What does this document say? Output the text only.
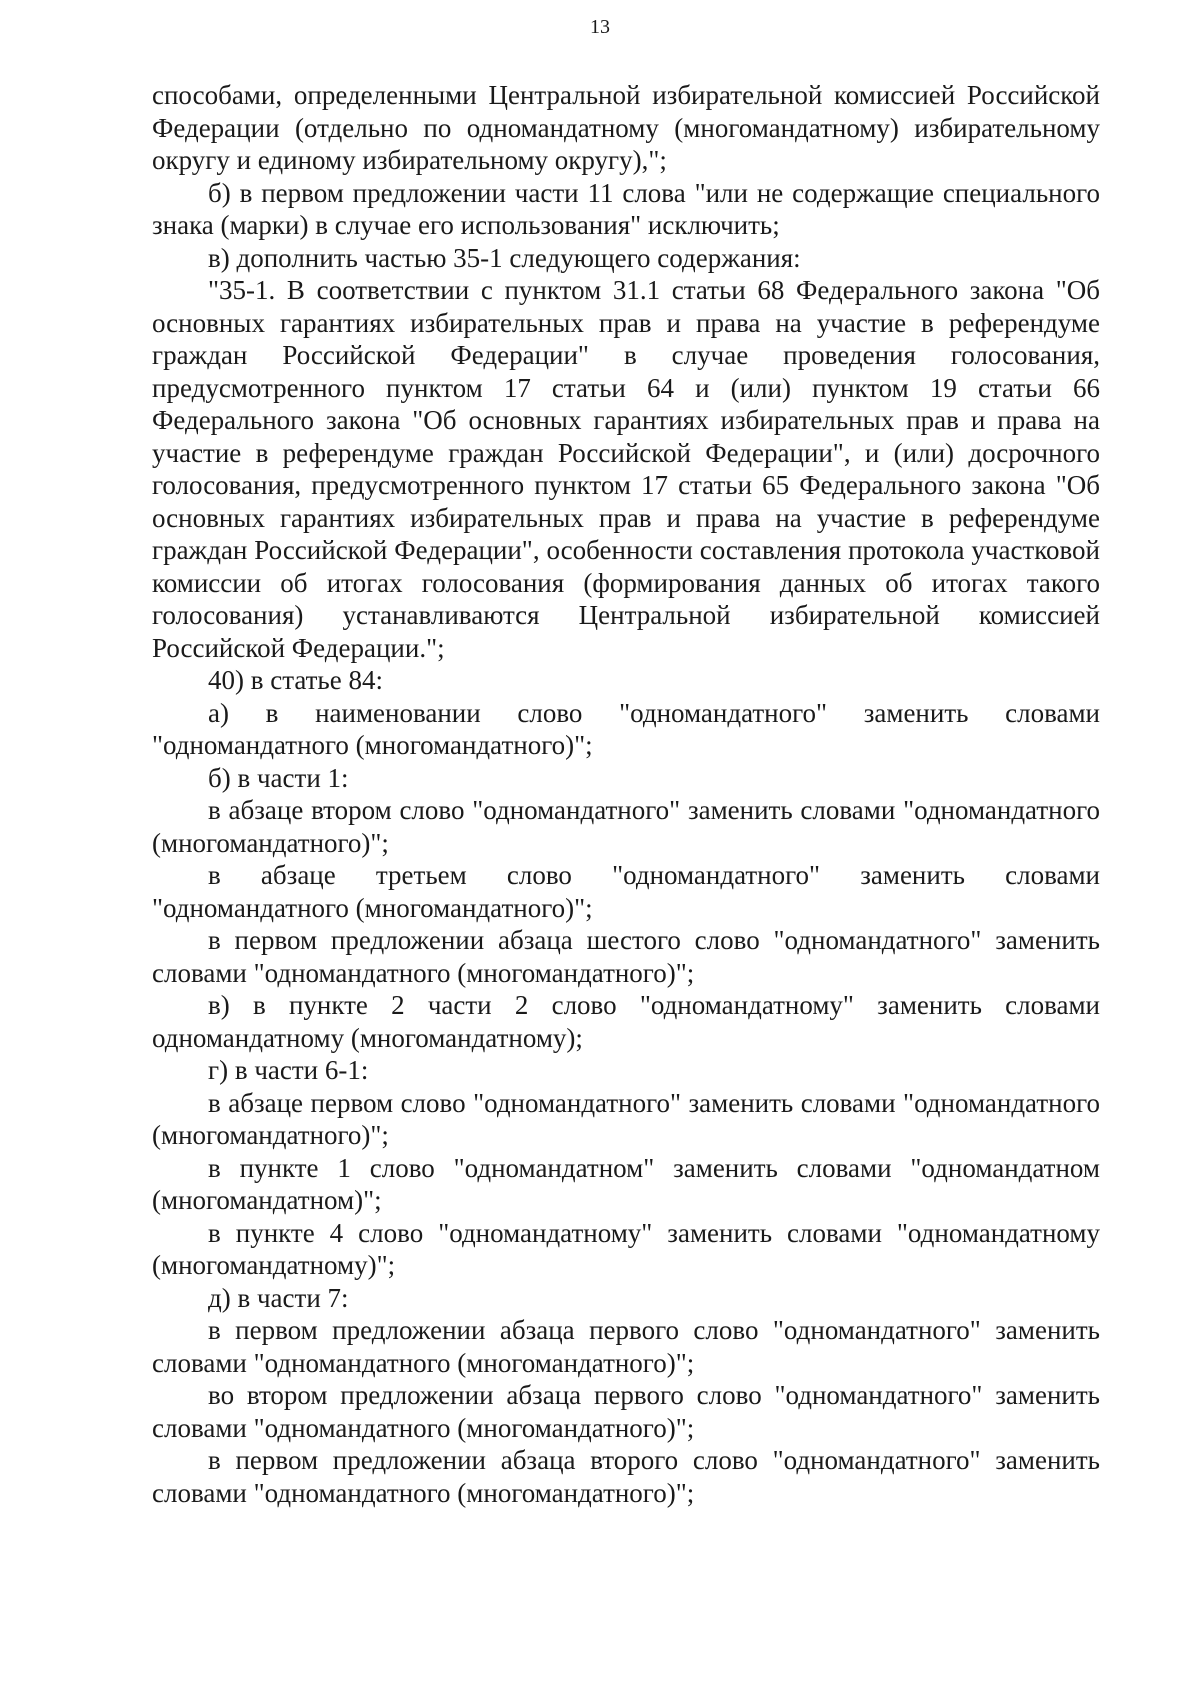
13

способами, определенными Центральной избирательной комиссией Российской Федерации (отдельно по одномандатному (многомандатному) избирательному округу и единому избирательному округу),";

б) в первом предложении части 11 слова "или не содержащие специального знака (марки) в случае его использования" исключить;

в) дополнить частью 35-1 следующего содержания:

"35-1. В соответствии с пунктом 31.1 статьи 68 Федерального закона "Об основных гарантиях избирательных прав и права на участие в референдуме граждан Российской Федерации" в случае проведения голосования, предусмотренного пунктом 17 статьи 64 и (или) пунктом 19 статьи 66 Федерального закона "Об основных гарантиях избирательных прав и права на участие в референдуме граждан Российской Федерации", и (или) досрочного голосования, предусмотренного пунктом 17 статьи 65 Федерального закона "Об основных гарантиях избирательных прав и права на участие в референдуме граждан Российской Федерации", особенности составления протокола участковой комиссии об итогах голосования (формирования данных об итогах такого голосования) устанавливаются Центральной избирательной комиссией Российской Федерации.";

40) в статье 84:

а) в наименовании слово "одномандатного" заменить словами "одномандатного (многомандатного)";

б) в части 1:

в абзаце втором слово "одномандатного" заменить словами "одномандатного (многомандатного)";

в абзаце третьем слово "одномандатного" заменить словами "одномандатного (многомандатного)";

в первом предложении абзаца шестого слово "одномандатного" заменить словами "одномандатного (многомандатного)";

в) в пункте 2 части 2 слово "одномандатному" заменить словами одномандатному (многомандатному);

г) в части 6-1:

в абзаце первом слово "одномандатного" заменить словами "одномандатного (многомандатного)";

в пункте 1 слово "одномандатном" заменить словами "одномандатном (многомандатном)";

в пункте 4 слово "одномандатному" заменить словами "одномандатному (многомандатному)";

д) в части 7:

в первом предложении абзаца первого слово "одномандатного" заменить словами "одномандатного (многомандатного)";

во втором предложении абзаца первого слово "одномандатного" заменить словами "одномандатного (многомандатного)";

в первом предложении абзаца второго слово "одномандатного" заменить словами "одномандатного (многомандатного)";
